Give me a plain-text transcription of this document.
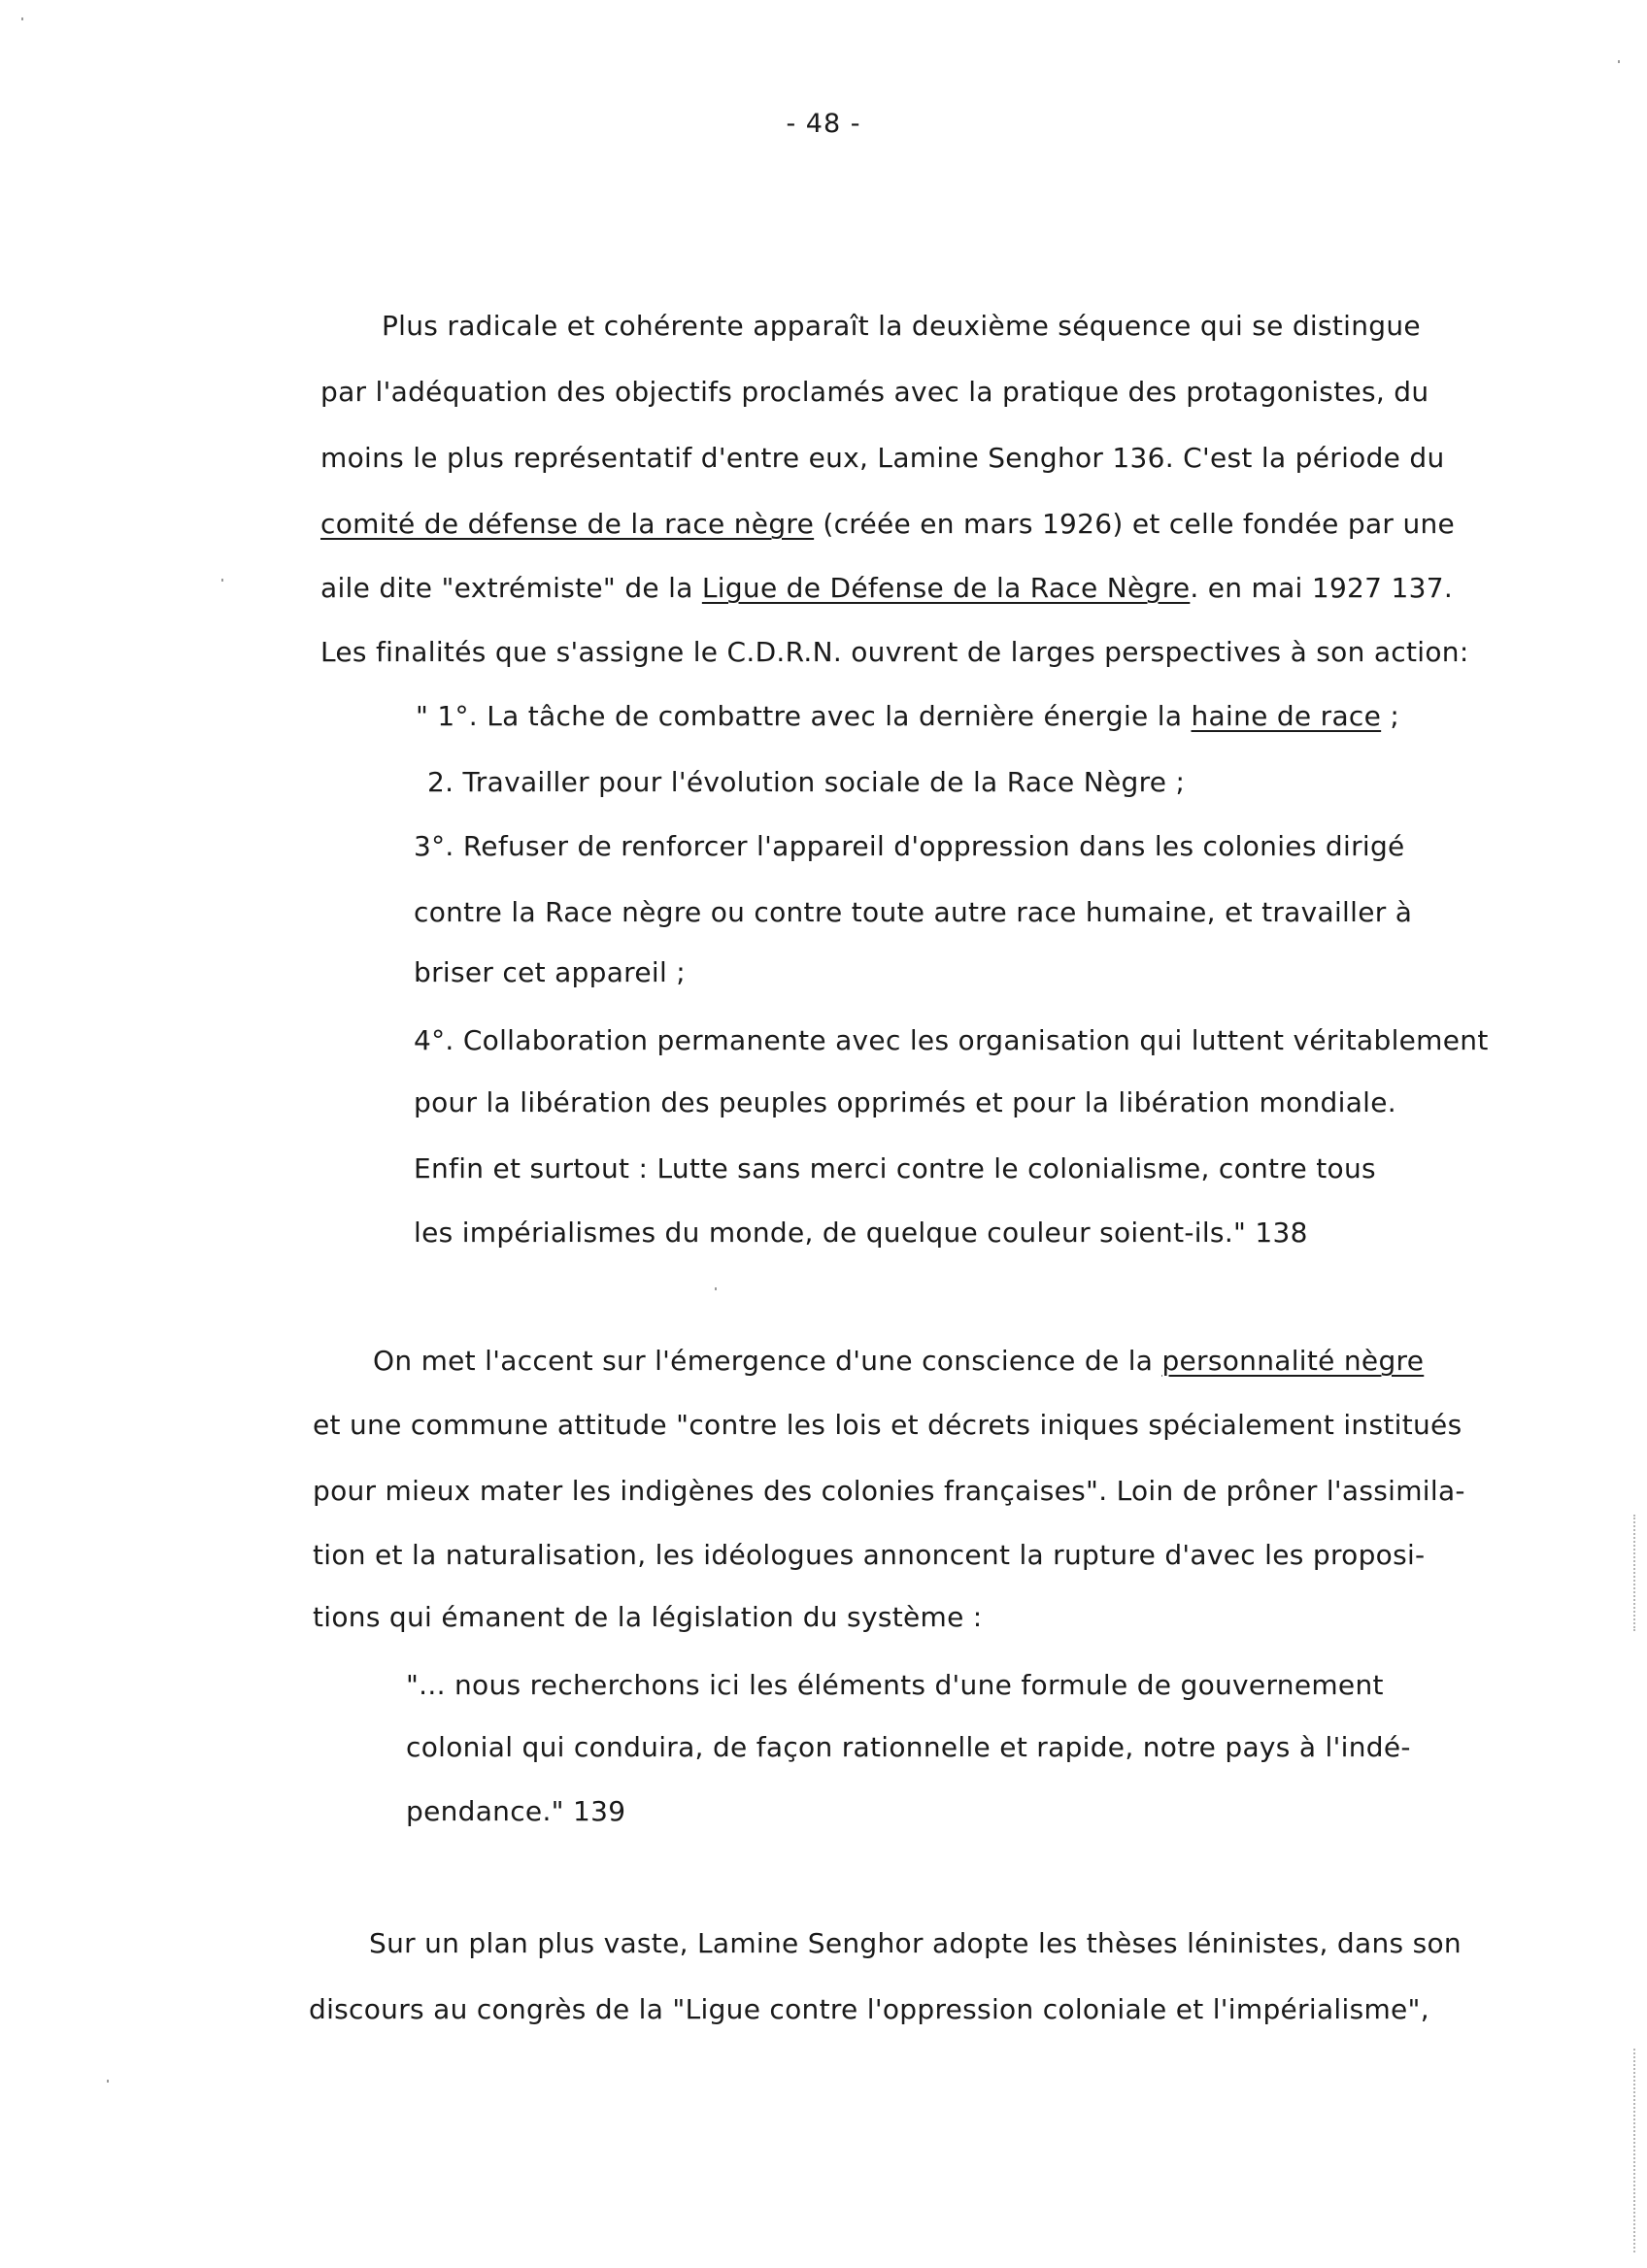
- 48 -
Plus radicale et cohérente apparaît la deuxième séquence qui se distingue
par l'adéquation des objectifs proclamés avec la pratique des protagonistes, du
moins le plus représentatif d'entre eux, Lamine Senghor 136. C'est la période du
comité de défense de la race nègre (créée en mars 1926) et celle fondée par une
aile dite "extrémiste" de la Ligue de Défense de la Race Nègre. en mai 1927 137.
Les finalités que s'assigne le C.D.R.N. ouvrent de larges perspectives à son action:
" 1°. La tâche de combattre avec la dernière énergie la haine de race ;
2. Travailler pour l'évolution sociale de la Race Nègre ;
3°. Refuser de renforcer l'appareil d'oppression dans les colonies dirigé
contre la Race nègre ou contre toute autre race humaine, et travailler à
briser cet appareil ;
4°. Collaboration permanente avec les organisation qui luttent véritablement
pour la libération des peuples opprimés et pour la libération mondiale.
Enfin et surtout : Lutte sans merci contre le colonialisme, contre tous
les impérialismes du monde, de quelque couleur soient-ils." 138
On met l'accent sur l'émergence d'une conscience de la personnalité nègre
et une commune attitude "contre les lois et décrets iniques spécialement institués
pour mieux mater les indigènes des colonies françaises". Loin de prôner l'assimila-
tion et la naturalisation, les idéologues annoncent la rupture d'avec les proposi-
tions qui émanent de la législation du système :
"... nous recherchons ici les éléments d'une formule de gouvernement
colonial qui conduira, de façon rationnelle et rapide, notre pays à l'indé-
pendance." 139
Sur un plan plus vaste, Lamine Senghor adopte les thèses léninistes, dans son
discours au congrès de la "Ligue contre l'oppression coloniale et l'impérialisme",
